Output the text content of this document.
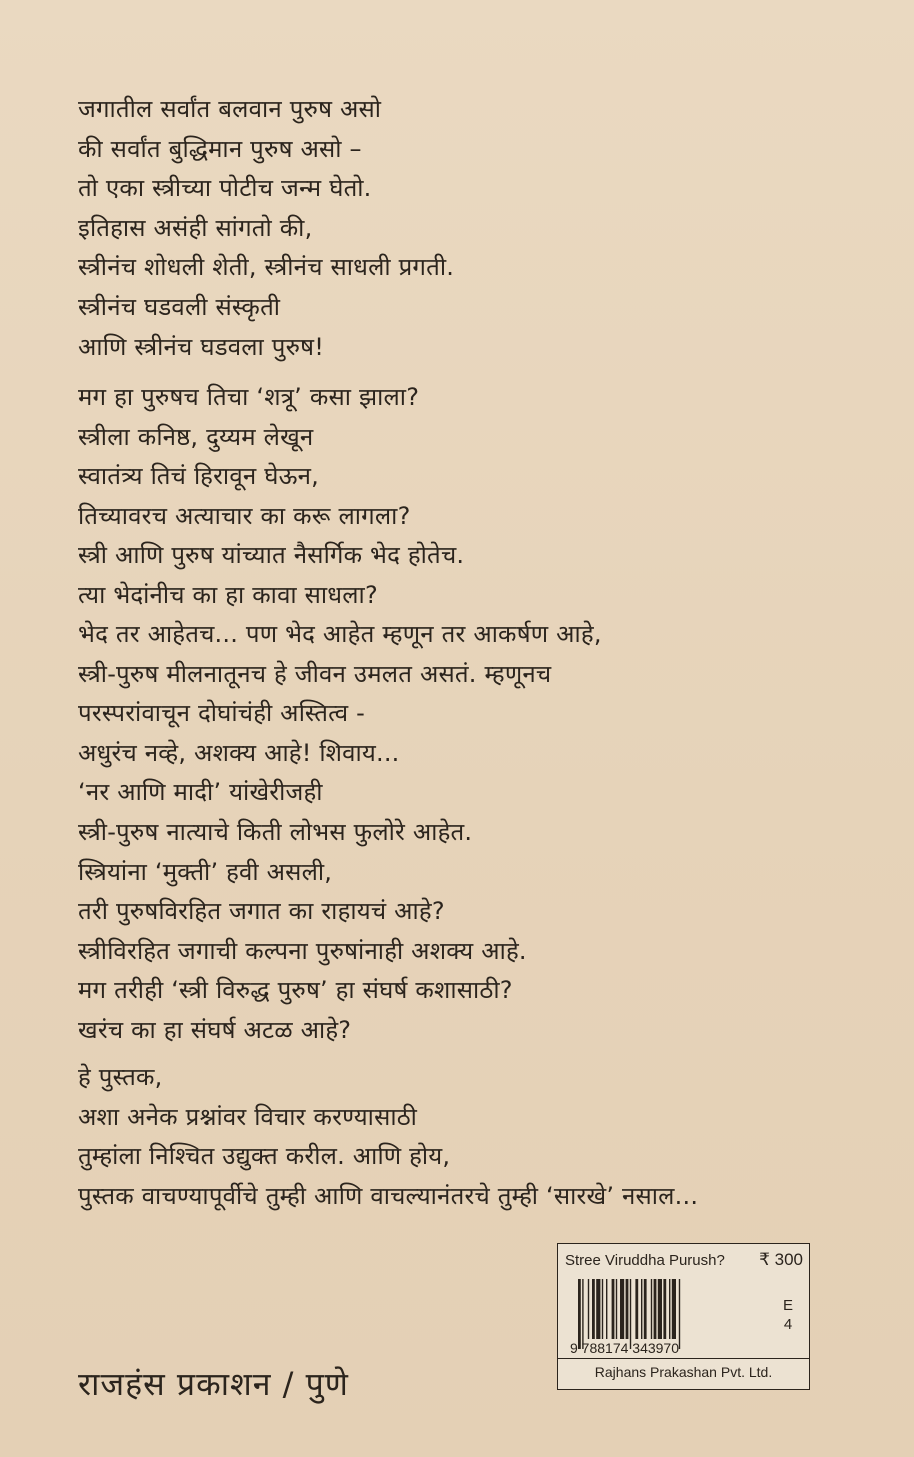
जगातील सर्वांत बलवान पुरुष असो
की सर्वांत बुद्धिमान पुरुष असो –
तो एका स्त्रीच्या पोटीच जन्म घेतो.
इतिहास असंही सांगतो की,
स्त्रीनंच शोधली शेती, स्त्रीनंच साधली प्रगती.
स्त्रीनंच घडवली संस्कृती
आणि स्त्रीनंच घडवला पुरुष!
मग हा पुरुषच तिचा ‘शत्रू’ कसा झाला?
स्त्रीला कनिष्ठ, दुय्यम लेखून
स्वातंत्र्य तिचं हिरावून घेऊन,
तिच्यावरच अत्याचार का करू लागला?
स्त्री आणि पुरुष यांच्यात नैसर्गिक भेद होतेच.
त्या भेदांनीच का हा कावा साधला?
भेद तर आहेतच... पण भेद आहेत म्हणून तर आकर्षण आहे,
स्त्री-पुरुष मीलनातूनच हे जीवन उमलत असतं. म्हणूनच
परस्परांवाचून दोघांचंही अस्तित्व -
अधुरंच नव्हे, अशक्य आहे! शिवाय...
‘नर आणि मादी’ यांखेरीजही
स्त्री-पुरुष नात्याचे किती लोभस फुलोरे आहेत.
स्त्रियांना ‘मुक्ती’ हवी असली,
तरी पुरुषविरहित जगात का राहायचं आहे?
स्त्रीविरहित जगाची कल्पना पुरुषांनाही अशक्य आहे.
मग तरीही ‘स्त्री विरुद्ध पुरुष’ हा संघर्ष कशासाठी?
खरंच का हा संघर्ष अटळ आहे?
हे पुस्तक,
अशा अनेक प्रश्नांवर विचार करण्यासाठी
तुम्हांला निश्चित उद्युक्त करील. आणि होय,
पुस्तक वाचण्यापूर्वीचे तुम्ही आणि वाचल्यानंतरचे तुम्ही ‘सारखे’ नसाल...
राजहंस प्रकाशन / पुणे
Stree Viruddha Purush? ₹ 300
9 788174 343970
E
4
Rajhans Prakashan Pvt. Ltd.
